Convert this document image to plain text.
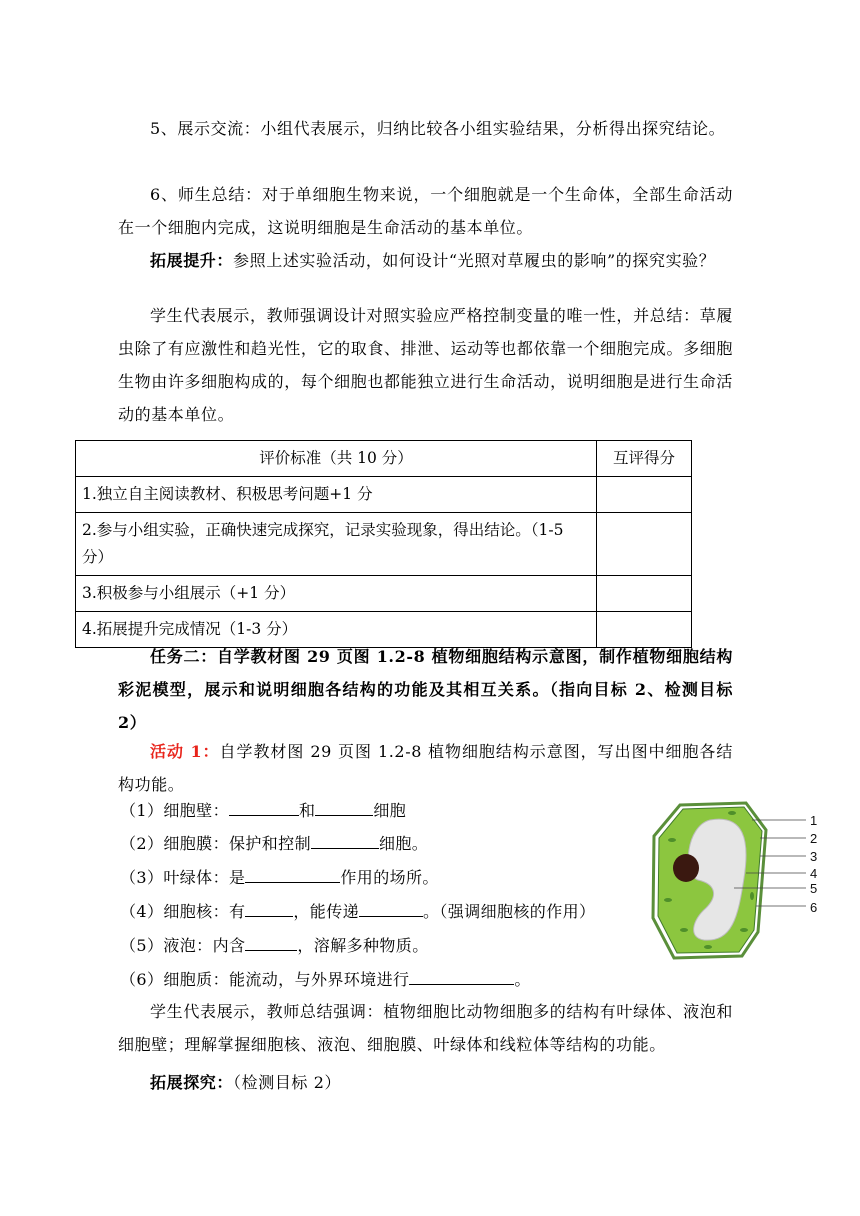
5、展示交流：小组代表展示，归纳比较各小组实验结果，分析得出探究结论。

6、师生总结：对于单细胞生物来说，一个细胞就是一个生命体，全部生命活动在一个细胞内完成，这说明细胞是生命活动的基本单位。

拓展提升：参照上述实验活动，如何设计“光照对草履虫的影响”的探究实验？

学生代表展示，教师强调设计对照实验应严格控制变量的唯一性，并总结：草履虫除了有应激性和趋光性，它的取食、排泄、运动等也都依靠一个细胞完成。多细胞生物由许多细胞构成的，每个细胞也都能独立进行生命活动，说明细胞是进行生命活动的基本单位。

评价标准（共 10 分）	互评得分
1.独立自主阅读教材、积极思考问题+1 分	
2.参与小组实验，正确快速完成探究，记录实验现象，得出结论。（1-5 分）	
3.积极参与小组展示（+1 分）	
4.拓展提升完成情况（1-3 分）	

任务二：自学教材图 29 页图 1.2-8 植物细胞结构示意图，制作植物细胞结构彩泥模型，展示和说明细胞各结构的功能及其相互关系。（指向目标 2、检测目标 2）

活动 1：自学教材图 29 页图 1.2-8 植物细胞结构示意图，写出图中细胞各结构功能。

（1）细胞壁：	和	细胞
（2）细胞膜：保护和控制	细胞。
（3）叶绿体：是	作用的场所。
（4）细胞核：有	，能传递	。（强调细胞核的作用）
（5）液泡：内含	，溶解多种物质。
（6）细胞质：能流动，与外界环境进行	。
1
2
3
4
5
6

学生代表展示，教师总结强调：植物细胞比动物细胞多的结构有叶绿体、液泡和细胞壁；理解掌握细胞核、液泡、细胞膜、叶绿体和线粒体等结构的功能。

拓展探究：（检测目标 2）
